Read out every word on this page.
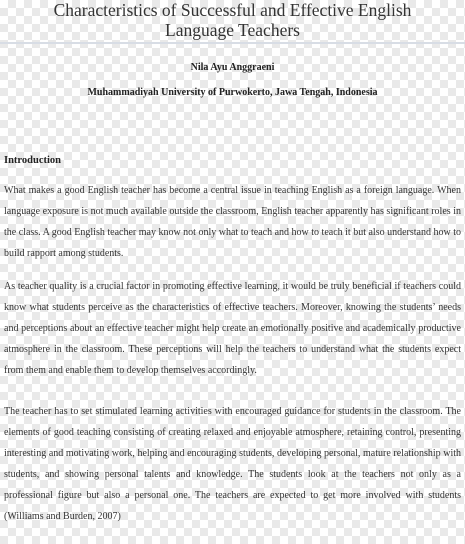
Characteristics of Successful and Effective English
Language Teachers
Nila Ayu Anggraeni
Muhammadiyah University of Purwokerto, Jawa Tengah, Indonesia
Introduction

What makes a good English teacher has become a central issue in teaching English as a foreign language. When language exposure is not much available outside the classroom, English teacher apparently has significant roles in the class. A good English teacher may know not only what to teach and how to teach it but also understand how to build rapport among students.

As teacher quality is a crucial factor in promoting effective learning, it would be truly beneficial if teachers could know what students perceive as the characteristics of effective teachers. Moreover, knowing the students’ needs and perceptions about an effective teacher might help create an emotionally positive and academically productive atmosphere in the classroom. These perceptions will help the teachers to understand what the students expect from them and enable them to develop themselves accordingly.

The teacher has to set stimulated learning activities with encouraged guidance for students in the classroom. The elements of good teaching consisting of creating relaxed and enjoyable atmosphere, retaining control, presenting interesting and motivating work, helping and encouraging students, developing personal, mature relationship with students, and showing personal talents and knowledge. The students look at the teachers not only as a professional figure but also a personal one. The teachers are expected to get more involved with students (Williams and Burden, 2007)
